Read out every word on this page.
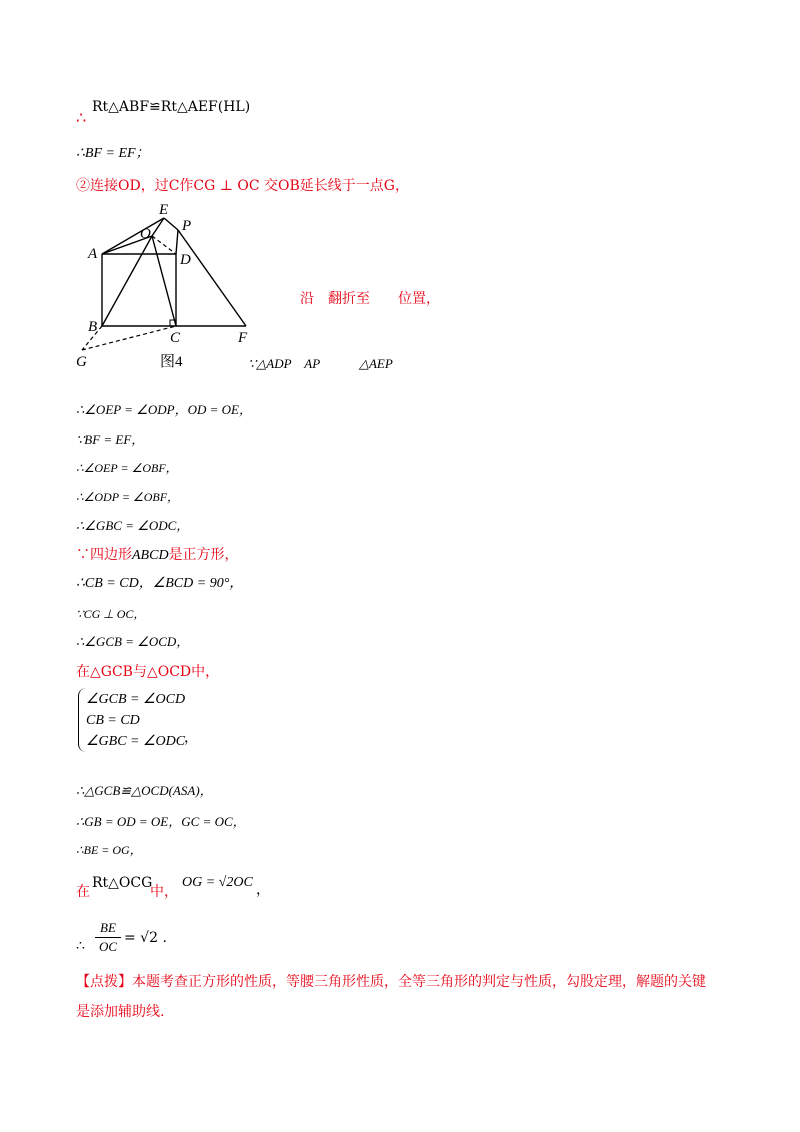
∴
Rt△ABF≌Rt△AEF(HL)
∴BF = EF；
②连接OD，过C作CG ⊥ OC 交OB延长线于一点G，
A
B
C
D
E
F
G
O P
图4
沿　翻折至　　位置，
∵△ADP　AP　　　△AEP
∴∠OEP = ∠ODP，OD = OE，
∵BF = EF，
∴∠OEP = ∠OBF，
∴∠ODP = ∠OBF，
∴∠GBC = ∠ODC，
∵四边形ABCD是正方形，
∴CB = CD，∠BCD = 90°，
∵CG ⊥ OC，
∴∠GCB = ∠OCD，
在△GCB与△OCD中，
∠GCB = ∠OCD
CB = CD
∠GBC = ∠ODC
，
∴△GCB≌△OCD(ASA)，
∴GB = OD = OE，GC = OC，
∴BE = OG，
在
Rt△OCG
中，
OG = √2OC ，
∴
BE
OC
= √2 .
【点拨】本题考查正方形的性质，等腰三角形性质，全等三角形的判定与性质，勾股定理，解题的关键
是添加辅助线.
